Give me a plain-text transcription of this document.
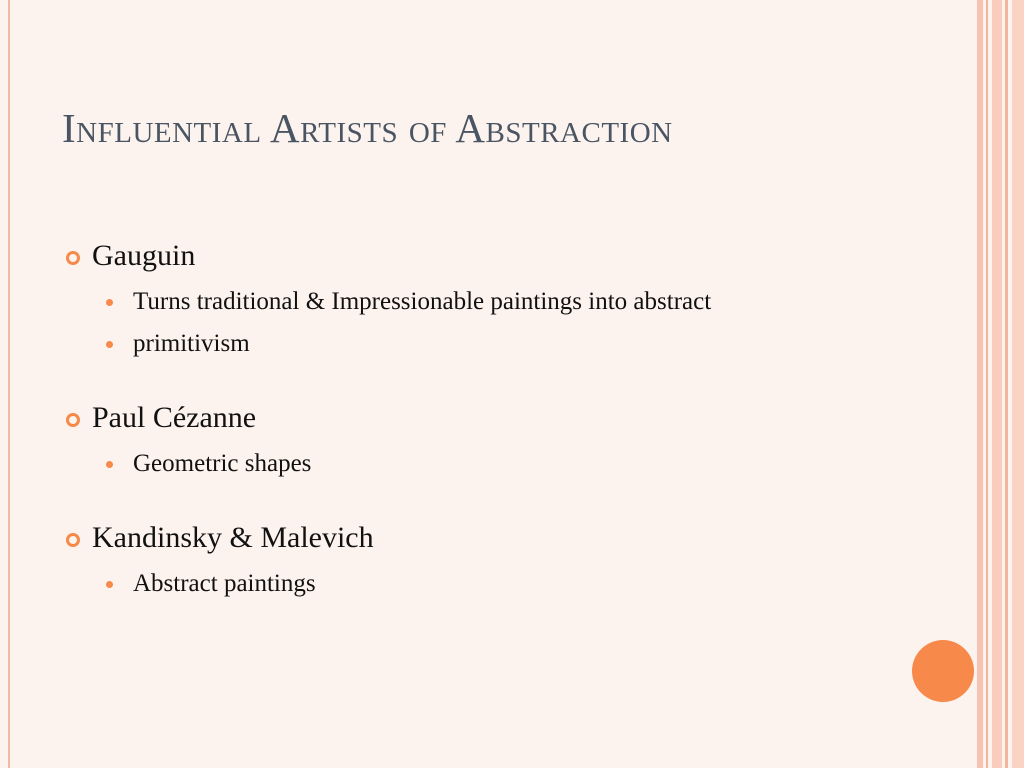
Influential Artists of Abstraction
Gauguin
Turns traditional & Impressionable paintings into abstract
primitivism
Paul Cézanne
Geometric shapes
Kandinsky & Malevich
Abstract paintings
